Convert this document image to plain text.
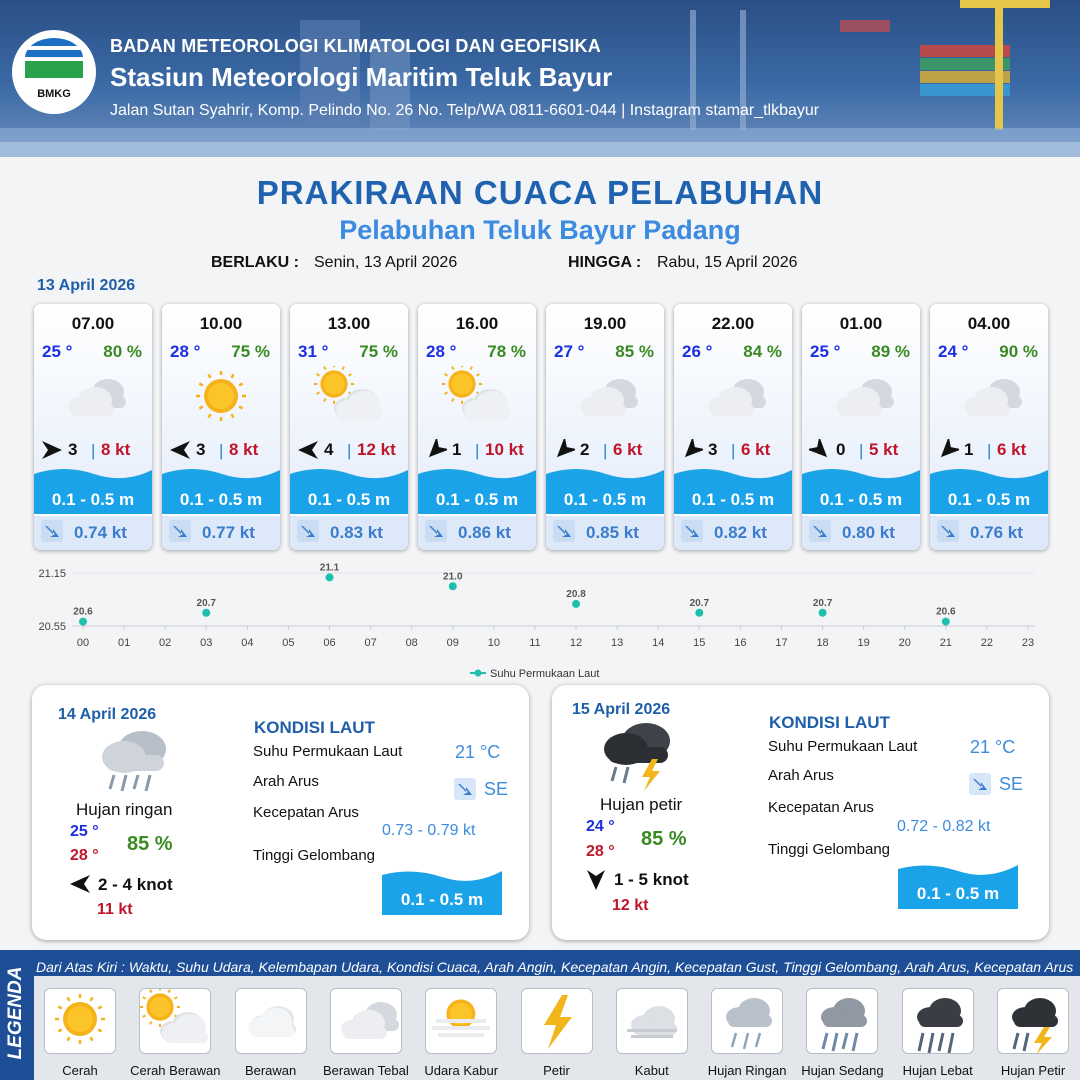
BMKG
BADAN METEOROLOGI KLIMATOLOGI DAN GEOFISIKA
Stasiun Meteorologi Maritim Teluk Bayur
Jalan Sutan Syahrir, Komp. Pelindo No. 26 No. Telp/WA 0811-6601-044 | Instagram stamar_tlkbayur
PRAKIRAAN CUACA PELABUHAN
Pelabuhan Teluk Bayur Padang
BERLAKU : Senin, 13 April 2026	HINGGA : Rabu, 15 April 2026
13 April 2026
07.00
25 ° 80 %
3 | 8 kt
0.1 - 0.5 m
0.74 kt
10.00
28 ° 75 %
3 | 8 kt
0.1 - 0.5 m
0.77 kt
13.00
31 ° 75 %
4 | 12 kt
0.1 - 0.5 m
0.83 kt
16.00
28 ° 78 %
1 | 10 kt
0.1 - 0.5 m
0.86 kt
19.00
27 ° 85 %
2 | 6 kt
0.1 - 0.5 m
0.85 kt
22.00
26 ° 84 %
3 | 6 kt
0.1 - 0.5 m
0.82 kt
01.00
25 ° 89 %
0 | 5 kt
0.1 - 0.5 m
0.80 kt
04.00
24 ° 90 %
1 | 6 kt
0.1 - 0.5 m
0.76 kt
21.15
20.55
00	01	02	03	04	05	06	07	08	09	10	11	12	13	14	15	16	17	18	19	20	21	22	23
20.6
20.7
21.1
21.0
20.8
20.7	20.7
20.6
Suhu Permukaan Laut
14 April 2026
Hujan ringan
25 °
28 °
85 %
2 - 4 knot
11 kt
KONDISI LAUT
Suhu Permukaan Laut	21 °C
Arah Arus	SE
Kecepatan Arus
0.73 - 0.79 kt
Tinggi Gelombang
0.1 - 0.5 m
15 April 2026
Hujan petir
24 °
28 °
85 %
1 - 5 knot
12 kt
KONDISI LAUT
Suhu Permukaan Laut	21 °C
Arah Arus	SE
Kecepatan Arus
0.72 - 0.82 kt
Tinggi Gelombang
0.1 - 0.5 m
LEGENDA Dari Atas Kiri : Waktu, Suhu Udara, Kelembapan Udara, Kondisi Cuaca, Arah Angin, Kecepatan Angin, Kecepatan Gust, Tinggi Gelombang, Arah Arus, Kecepatan Arus
Cerah	Cerah Berawan	Berawan	Berawan Tebal	Udara Kabur	Petir	Kabut	Hujan Ringan	Hujan Sedang	Hujan Lebat	Hujan Petir
